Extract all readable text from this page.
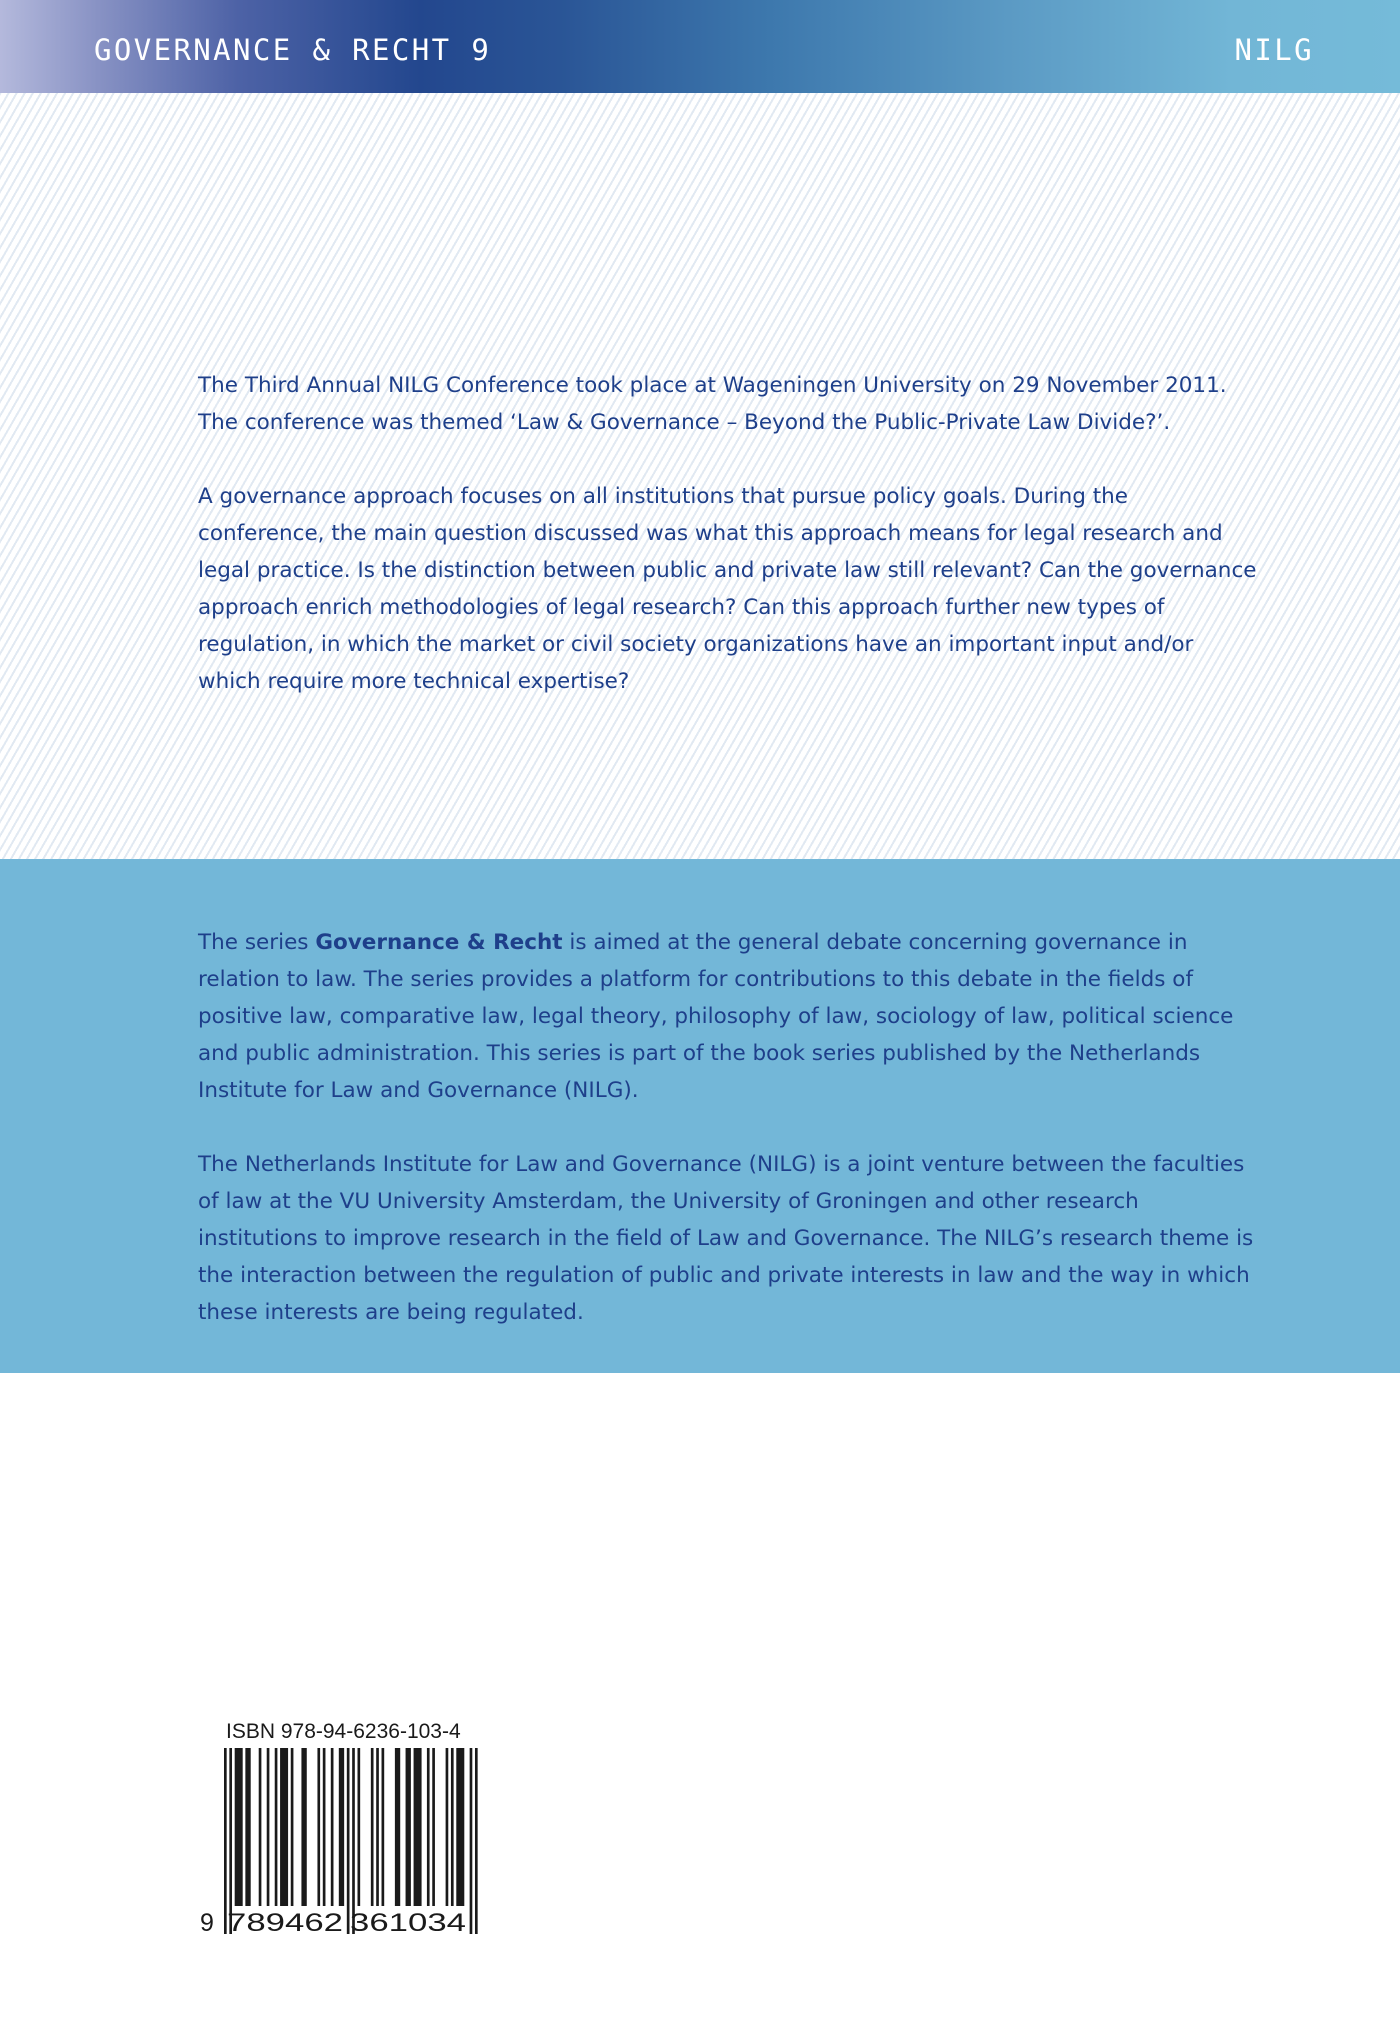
GOVERNANCE & RECHT 9	NILG

The Third Annual NILG Conference took place at Wageningen University on 29 November 2011. The conference was themed ‘Law & Governance – Beyond the Public-Private Law Divide?’.

A governance approach focuses on all institutions that pursue policy goals. During the conference, the main question discussed was what this approach means for legal research and legal practice. Is the distinction between public and private law still relevant? Can the governance approach enrich methodologies of legal research? Can this approach further new types of regulation, in which the market or civil society organizations have an important input and/or which require more technical expertise?

The series Governance & Recht is aimed at the general debate concerning governance in relation to law. The series provides a platform for contributions to this debate in the fields of positive law, comparative law, legal theory, philosophy of law, sociology of law, political science and public administration. This series is part of the book series published by the Netherlands Institute for Law and Governance (NILG).

The Netherlands Institute for Law and Governance (NILG) is a joint venture between the faculties of law at the VU University Amsterdam, the University of Groningen and other research institutions to improve research in the field of Law and Governance. The NILG’s research theme is the interaction between the regulation of public and private interests in law and the way in which these interests are being regulated.

ISBN 978-94-6236-103-4
9 789462 361034
